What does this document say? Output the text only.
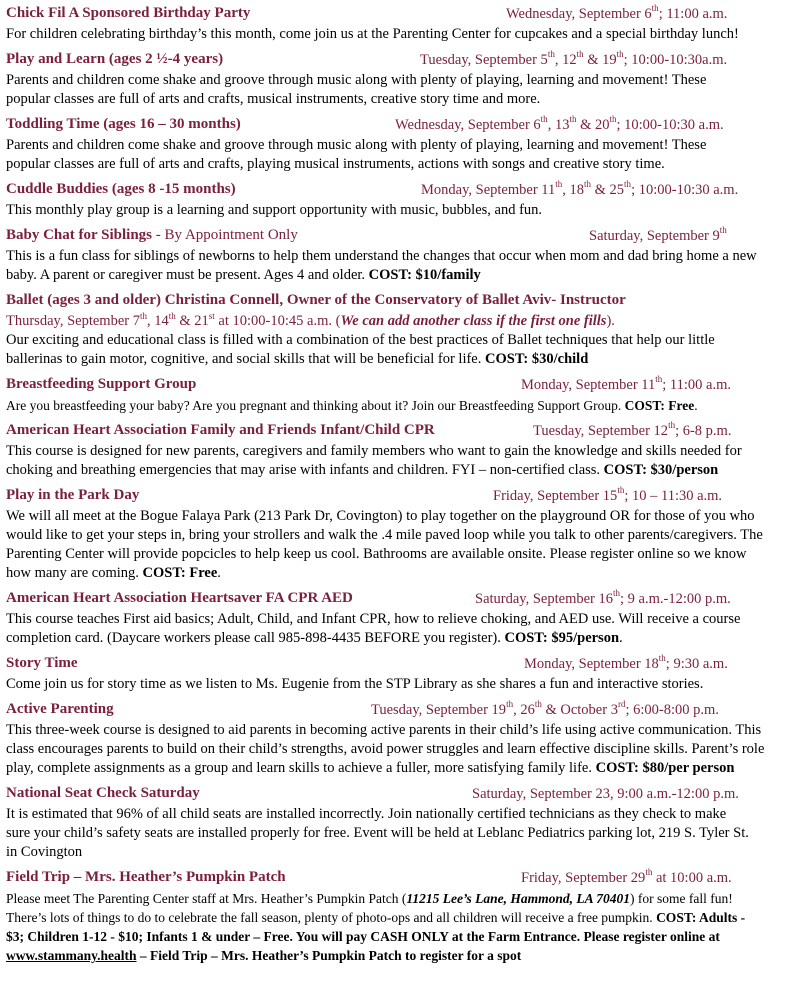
Chick Fil A Sponsored Birthday Party	Wednesday, September 6th; 11:00 a.m.
For children celebrating birthday’s this month, come join us at the Parenting Center for cupcakes and a special birthday lunch!
Play and Learn (ages 2 ½-4 years)	Tuesday, September 5th, 12th & 19th; 10:00-10:30a.m.
Parents and children come shake and groove through music along with plenty of playing, learning and movement! These popular classes are full of arts and crafts, musical instruments, creative story time and more.
Toddling Time (ages 16 – 30 months)	Wednesday, September 6th, 13th & 20th; 10:00-10:30 a.m.
Parents and children come shake and groove through music along with plenty of playing, learning and movement! These popular classes are full of arts and crafts, playing musical instruments, actions with songs and creative story time.
Cuddle Buddies (ages 8 -15 months)	Monday, September 11th, 18th & 25th; 10:00-10:30 a.m.
This monthly play group is a learning and support opportunity with music, bubbles, and fun.
Baby Chat for Siblings - By Appointment Only	Saturday, September 9th
This is a fun class for siblings of newborns to help them understand the changes that occur when mom and dad bring home a new baby. A parent or caregiver must be present. Ages 4 and older. COST: $10/family
Ballet (ages 3 and older) Christina Connell, Owner of the Conservatory of Ballet Aviv- Instructor
Thursday, September 7th, 14th & 21st at 10:00-10:45 a.m. (We can add another class if the first one fills).
Our exciting and educational class is filled with a combination of the best practices of Ballet techniques that help our little ballerinas to gain motor, cognitive, and social skills that will be beneficial for life. COST: $30/child
Breastfeeding Support Group	Monday, September 11th; 11:00 a.m.
Are you breastfeeding your baby? Are you pregnant and thinking about it? Join our Breastfeeding Support Group. COST: Free.
American Heart Association Family and Friends Infant/Child CPR	Tuesday, September 12th; 6-8 p.m.
This course is designed for new parents, caregivers and family members who want to gain the knowledge and skills needed for choking and breathing emergencies that may arise with infants and children. FYI – non-certified class. COST: $30/person
Play in the Park Day	Friday, September 15th; 10 – 11:30 a.m.
We will all meet at the Bogue Falaya Park (213 Park Dr, Covington) to play together on the playground OR for those of you who would like to get your steps in, bring your strollers and walk the .4 mile paved loop while you talk to other parents/caregivers. The Parenting Center will provide popcicles to help keep us cool. Bathrooms are available onsite. Please register online so we know how many are coming. COST: Free.
American Heart Association Heartsaver FA CPR AED	Saturday, September 16th; 9 a.m.-12:00 p.m.
This course teaches First aid basics; Adult, Child, and Infant CPR, how to relieve choking, and AED use. Will receive a course completion card. (Daycare workers please call 985-898-4435 BEFORE you register). COST: $95/person.
Story Time	Monday, September 18th; 9:30 a.m.
Come join us for story time as we listen to Ms. Eugenie from the STP Library as she shares a fun and interactive stories.
Active Parenting	Tuesday, September 19th, 26th & October 3rd; 6:00-8:00 p.m.
This three-week course is designed to aid parents in becoming active parents in their child’s life using active communication. This class encourages parents to build on their child’s strengths, avoid power struggles and learn effective discipline skills. Parent’s role play, complete assignments as a group and learn skills to achieve a fuller, more satisfying family life. COST: $80/per person
National Seat Check Saturday	Saturday, September 23, 9:00 a.m.-12:00 p.m.
It is estimated that 96% of all child seats are installed incorrectly. Join nationally certified technicians as they check to make sure your child’s safety seats are installed properly for free. Event will be held at Leblanc Pediatrics parking lot, 219 S. Tyler St. in Covington
Field Trip – Mrs. Heather’s Pumpkin Patch	Friday, September 29th at 10:00 a.m.
Please meet The Parenting Center staff at Mrs. Heather’s Pumpkin Patch (11215 Lee’s Lane, Hammond, LA 70401) for some fall fun! There’s lots of things to do to celebrate the fall season, plenty of photo-ops and all children will receive a free pumpkin. COST: Adults - $3; Children 1-12 - $10; Infants 1 & under – Free. You will pay CASH ONLY at the Farm Entrance. Please register online at www.stammany.health – Field Trip – Mrs. Heather’s Pumpkin Patch to register for a spot
